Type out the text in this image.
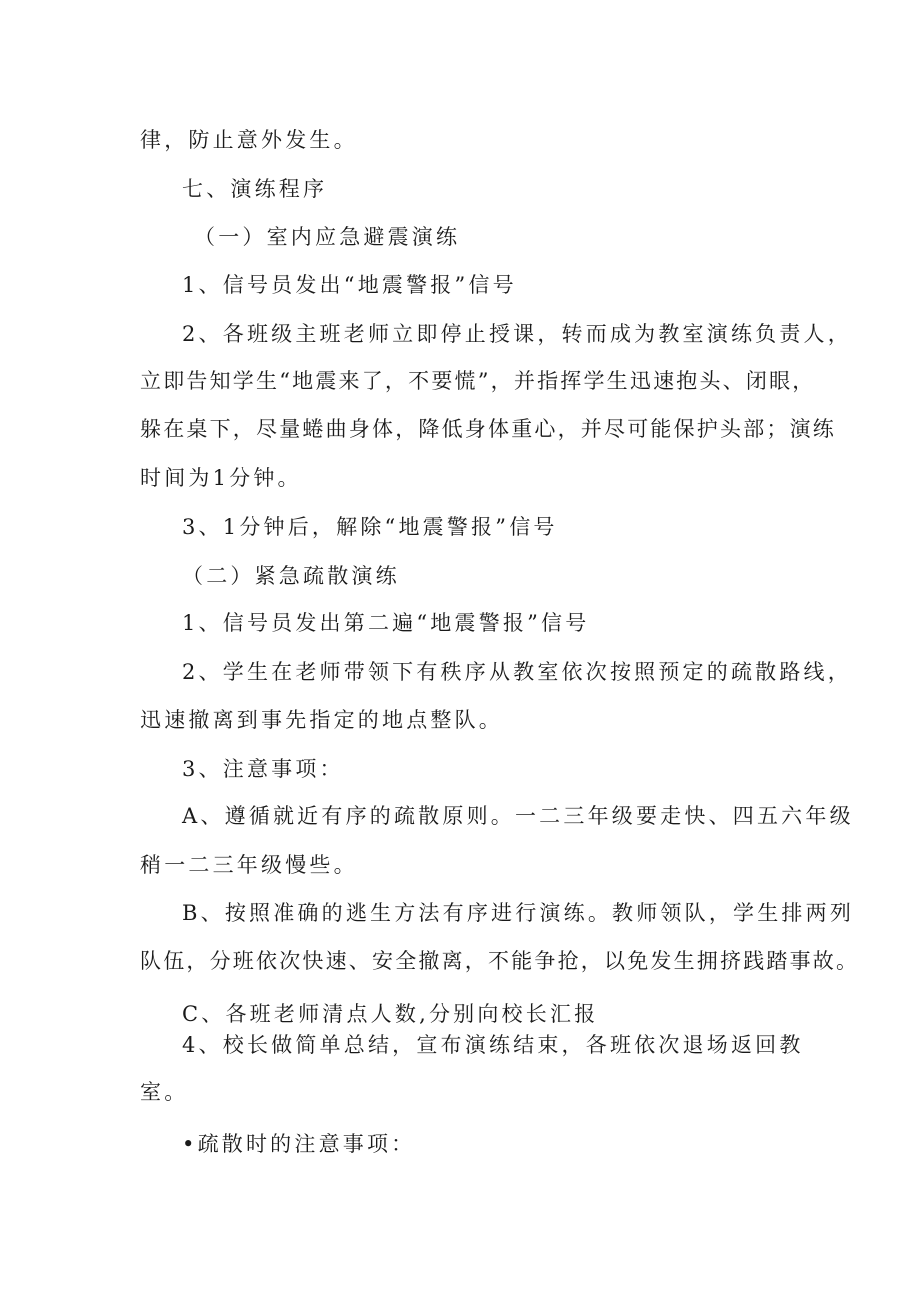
律，防止意外发生。
七、演练程序
（一）室内应急避震演练
1、信号员发出“地震警报”信号
2、各班级主班老师立即停止授课，转而成为教室演练负责人，
立即告知学生“地震来了，不要慌”，并指挥学生迅速抱头、闭眼，
躲在桌下，尽量蜷曲身体，降低身体重心，并尽可能保护头部；演练
时间为1分钟。
3、1分钟后，解除“地震警报”信号
（二）紧急疏散演练
1、信号员发出第二遍“地震警报”信号
2、学生在老师带领下有秩序从教室依次按照预定的疏散路线，
迅速撤离到事先指定的地点整队。
3、注意事项：
A、遵循就近有序的疏散原则。一二三年级要走快、四五六年级
稍一二三年级慢些。
B、按照准确的逃生方法有序进行演练。教师领队，学生排两列
队伍，分班依次快速、安全撤离，不能争抢，以免发生拥挤践踏事故。
C、各班老师清点人数,分别向校长汇报
4、校长做简单总结，宣布演练结束，各班依次退场返回教
室。
•疏散时的注意事项：
